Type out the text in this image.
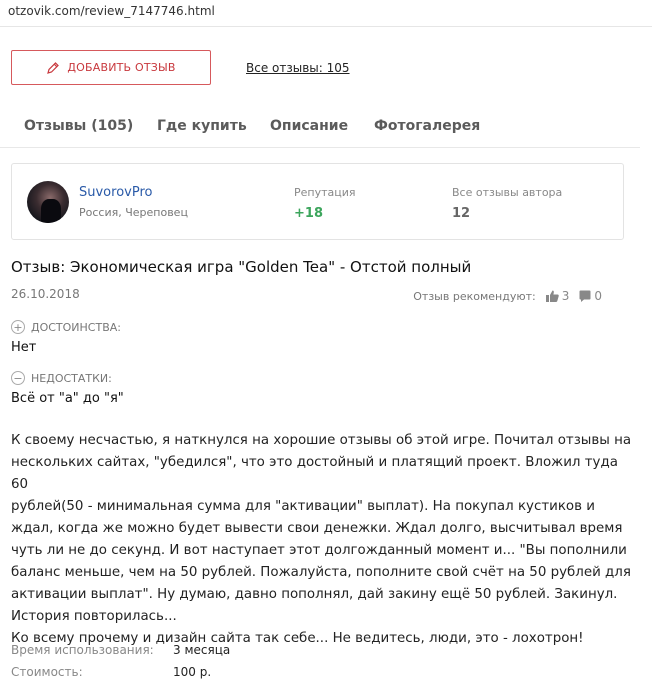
otzovik.com/review_7147746.html
ДОБАВИТЬ ОТЗЫВ	Все отзывы: 105
Отзывы (105) Где купить Описание Фотогалерея
SuvorovPro
Россия, Череповец
Репутация
+18
Все отзывы автора
12
Отзыв: Экономическая игра "Golden Tea" - Отстой полный
26.10.2018	Отзыв рекомендуют: 3 0
+ ДОСТОИНСТВА:
Нет
− НЕДОСТАТКИ:
Всё от "а" до "я"
К своему несчастью, я наткнулся на хорошие отзывы об этой игре. Почитал отзывы на
нескольких сайтах, "убедился", что это достойный и платящий проект. Вложил туда 60
рублей(50 - минимальная сумма для "активации" выплат). На покупал кустиков и
ждал, когда же можно будет вывести свои денежки. Ждал долго, высчитывал время
чуть ли не до секунд. И вот наступает этот долгожданный момент и... "Вы пополнили
баланс меньше, чем на 50 рублей. Пожалуйста, пополните свой счёт на 50 рублей для
активации выплат". Ну думаю, давно пополнял, дай закину ещё 50 рублей. Закинул.
История повторилась...
Ко всему прочему и дизайн сайта так себе... Не ведитесь, люди, это - лохотрон!
Время использования: 3 месяца
Стоимость:	100 р.
